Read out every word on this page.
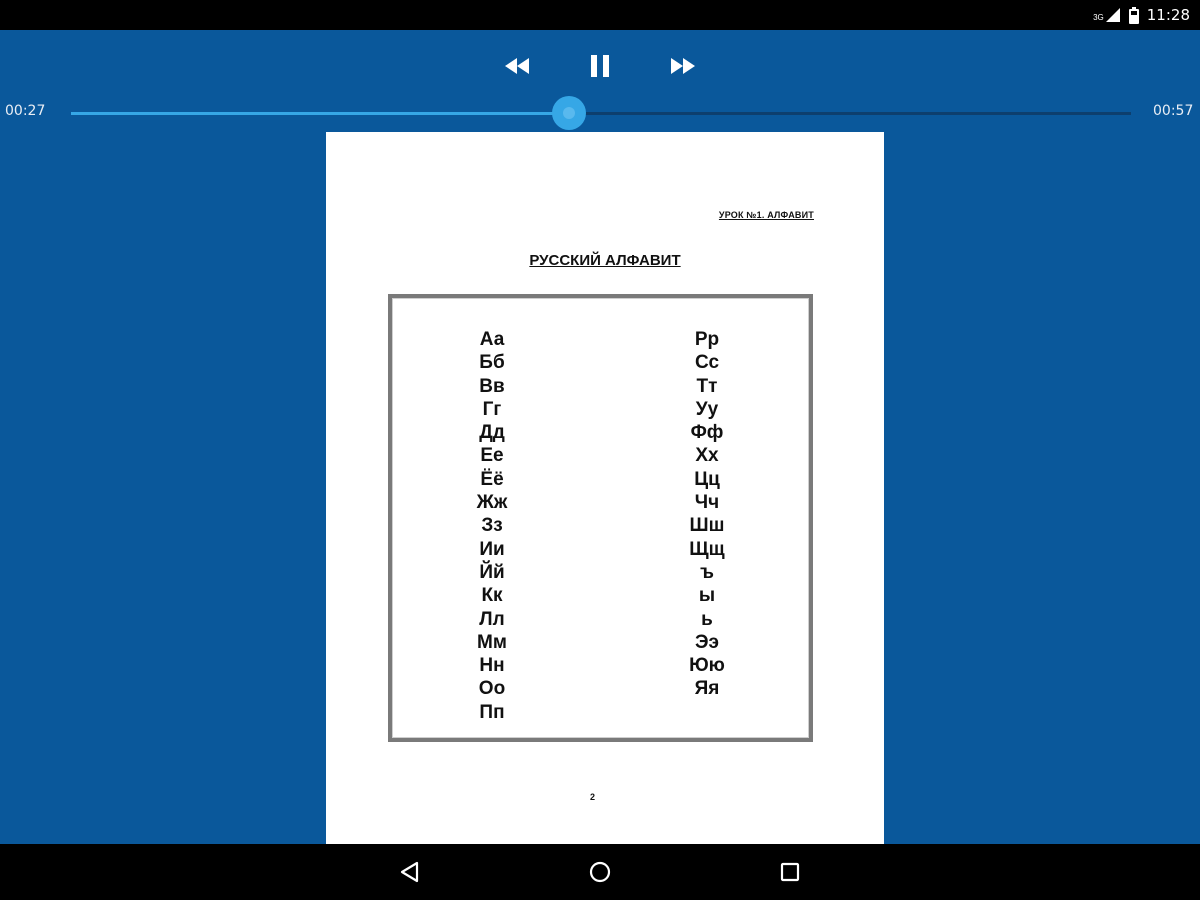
3G	11:28
00:27	00:57
УРОК №1. АЛФАВИТ
РУССКИЙ АЛФАВИТ
Аа
Бб
Вв
Гг
Дд
Ее
Ёё
Жж
Зз
Ии
Йй
Кк
Лл
Мм
Нн
Оо
Пп
Рр
Сс
Тт
Уу
Фф
Хх
Цц
Чч
Шш
Щщ
ъ
ы
ь
Ээ
Юю
Яя
2
